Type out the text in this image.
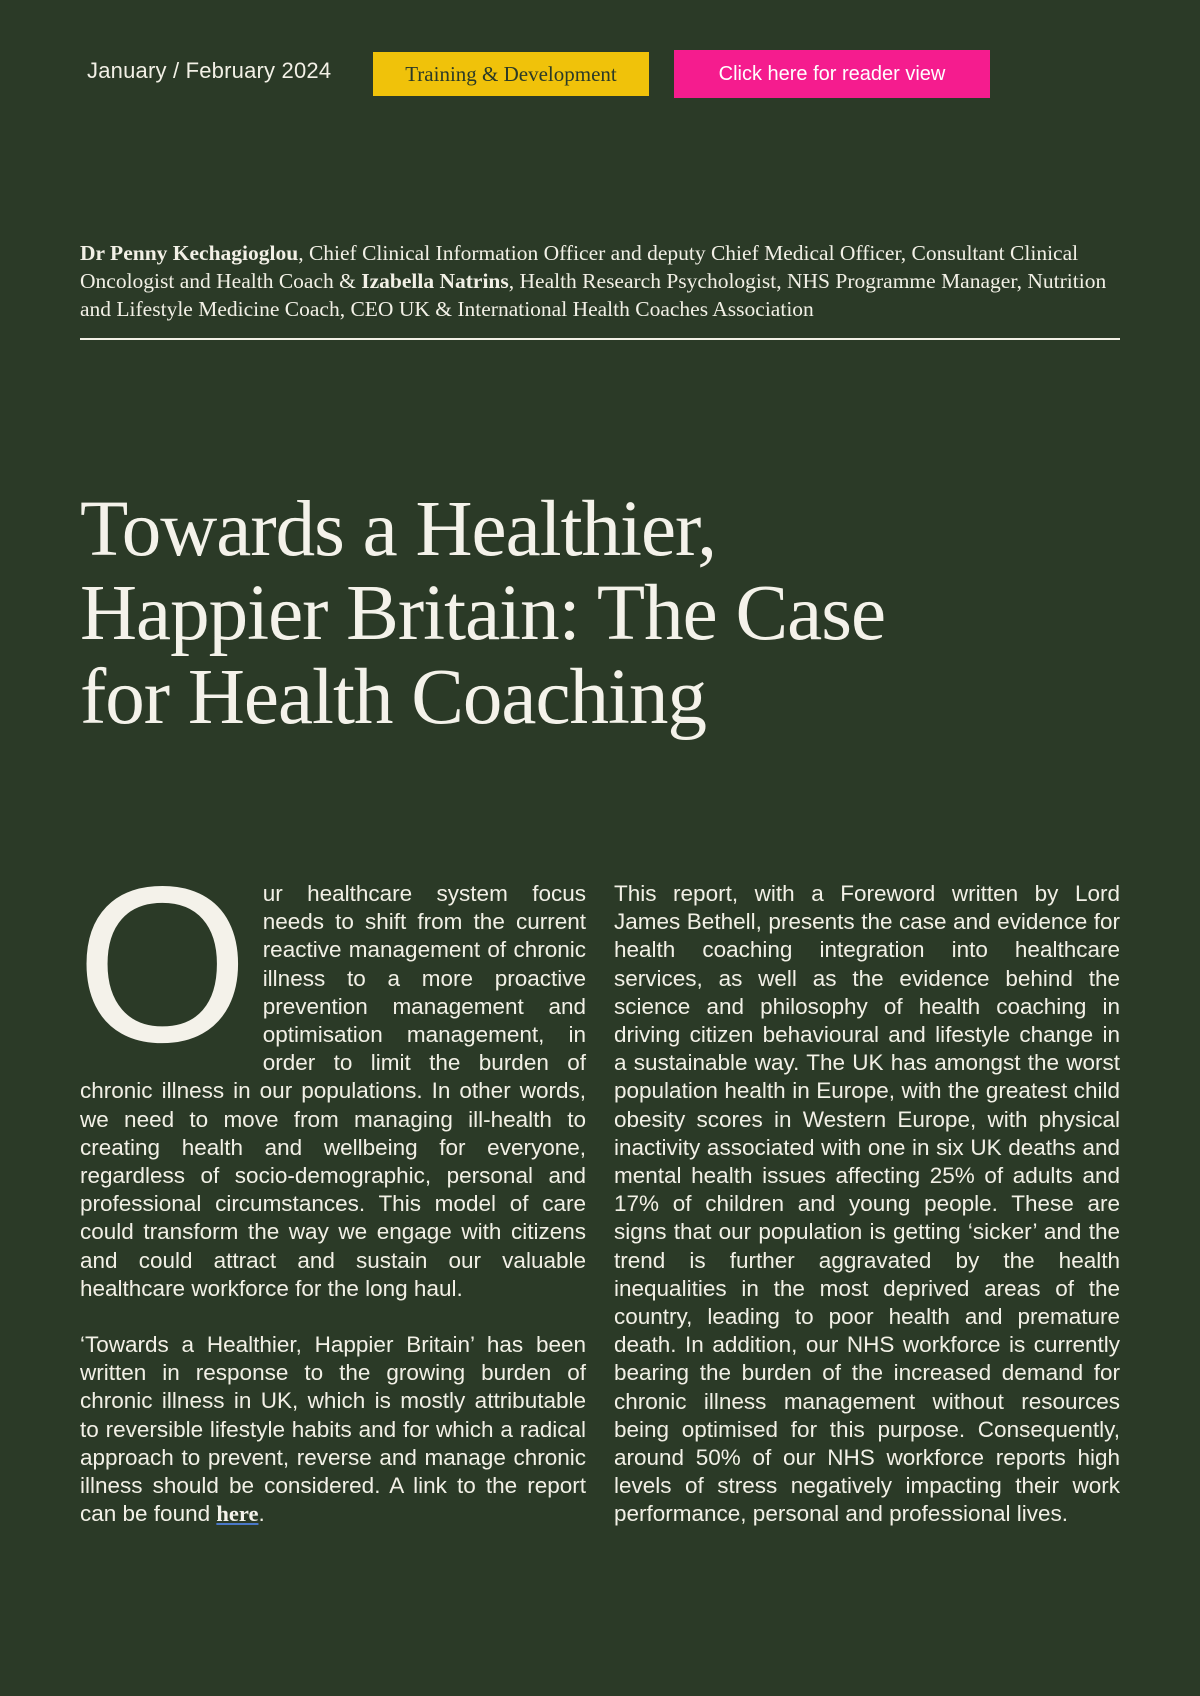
January / February 2024	Training & Development	Click here for reader view
Dr Penny Kechagioglou, Chief Clinical Information Officer and deputy Chief Medical Officer, Consultant Clinical Oncologist and Health Coach & Izabella Natrins, Health Research Psychologist, NHS Programme Manager, Nutrition and Lifestyle Medicine Coach, CEO UK & International Health Coaches Association
Towards a Healthier,
Happier Britain: The Case
for Health Coaching

Our healthcare system focus needs to shift from the current reactive management of chronic illness to a more proactive prevention management and optimisation management, in order to limit the burden of chronic illness in our populations. In other words, we need to move from managing ill-health to creating health and wellbeing for everyone, regardless of socio-demographic, personal and professional circumstances. This model of care could transform the way we engage with citizens and could attract and sustain our valuable healthcare workforce for the long haul.

‘Towards a Healthier, Happier Britain’ has been written in response to the growing burden of chronic illness in UK, which is mostly attributable to reversible lifestyle habits and for which a radical approach to prevent, reverse and manage chronic illness should be considered. A link to the report can be found here.

This report, with a Foreword written by Lord James Bethell, presents the case and evidence for health coaching integration into healthcare services, as well as the evidence behind the science and philosophy of health coaching in driving citizen behavioural and lifestyle change in a sustainable way. The UK has amongst the worst population health in Europe, with the greatest child obesity scores in Western Europe, with physical inactivity associated with one in six UK deaths and mental health issues affecting 25% of adults and 17% of children and young people. These are signs that our population is getting ‘sicker’ and the trend is further aggravated by the health inequalities in the most deprived areas of the country, leading to poor health and premature death. In addition, our NHS workforce is currently bearing the burden of the increased demand for chronic illness management without resources being optimised for this purpose. Consequently, around 50% of our NHS workforce reports high levels of stress negatively impacting their work performance, personal and professional lives.
